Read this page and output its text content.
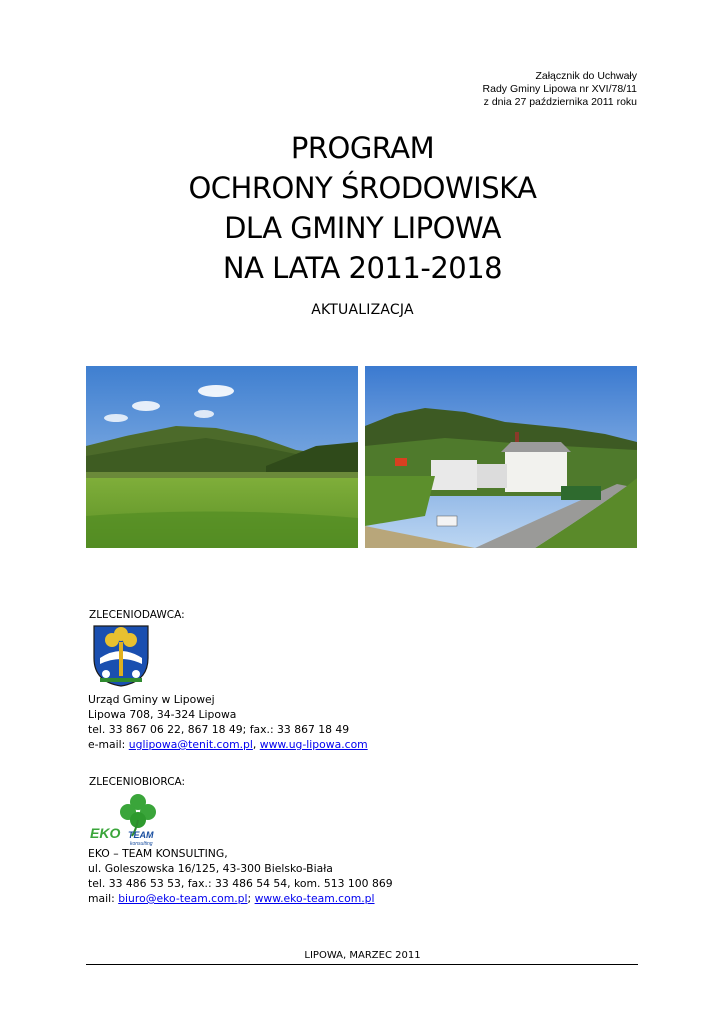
Załącznik do Uchwały
Rady Gminy Lipowa nr XVI/78/11
z dnia 27 października 2011 roku
PROGRAM
OCHRONY ŚRODOWISKA
DLA GMINY LIPOWA
NA LATA 2011-2018
AKTUALIZACJA
ZLECENIODAWCA:
Urząd Gminy w Lipowej
Lipowa 708, 34-324 Lipowa
tel. 33 867 06 22, 867 18 49; fax.: 33 867 18 49
e-mail: uglipowa@tenit.com.pl, www.ug-lipowa.com
ZLECENIOBIORCA:
EKO TEAM
konsulting
EKO – TEAM KONSULTING,
ul. Goleszowska 16/125, 43-300 Bielsko-Biała
tel. 33 486 53 53, fax.: 33 486 54 54, kom. 513 100 869
mail: biuro@eko-team.com.pl; www.eko-team.com.pl
LIPOWA, MARZEC 2011
